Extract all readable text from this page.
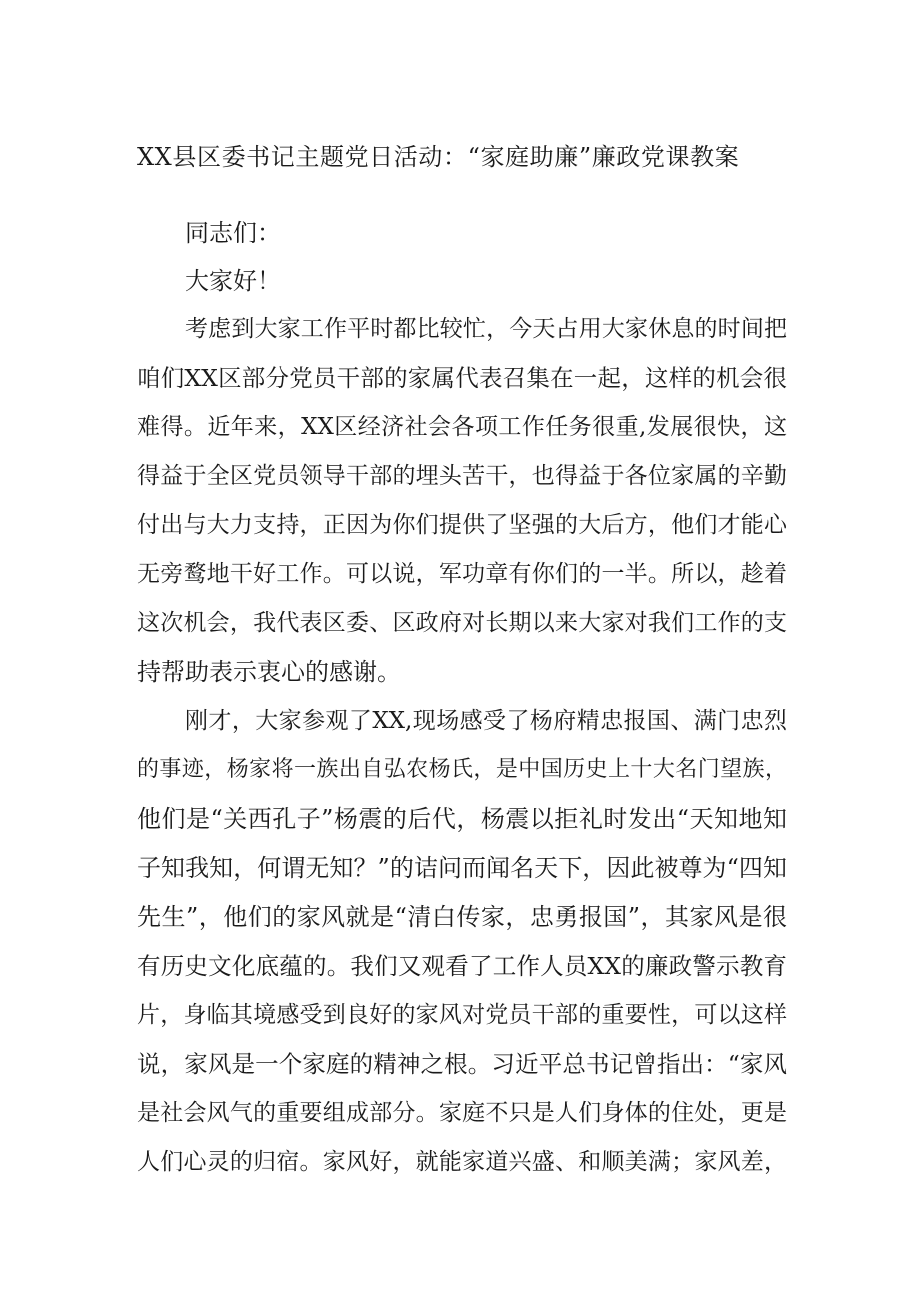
XX县区委书记主题党日活动：“家庭助廉”廉政党课教案
同志们：
大家好！
考虑到大家工作平时都比较忙，今天占用大家休息的时间把
咱们XX区部分党员干部的家属代表召集在一起，这样的机会很
难得。近年来，XX区经济社会各项工作任务很重,发展很快，这
得益于全区党员领导干部的埋头苦干，也得益于各位家属的辛勤
付出与大力支持，正因为你们提供了坚强的大后方，他们才能心
无旁鹜地干好工作。可以说，军功章有你们的一半。所以，趁着
这次机会，我代表区委、区政府对长期以来大家对我们工作的支
持帮助表示衷心的感谢。
刚才，大家参观了XX,现场感受了杨府精忠报国、满门忠烈
的事迹，杨家将一族出自弘农杨氏，是中国历史上十大名门望族，
他们是“关西孔子”杨震的后代，杨震以拒礼时发出“天知地知
子知我知，何谓无知？”的诘问而闻名天下，因此被尊为“四知
先生”，他们的家风就是“清白传家，忠勇报国”，其家风是很
有历史文化底蕴的。我们又观看了工作人员XX的廉政警示教育
片，身临其境感受到良好的家风对党员干部的重要性，可以这样
说，家风是一个家庭的精神之根。习近平总书记曾指出：“家风
是社会风气的重要组成部分。家庭不只是人们身体的住处，更是
人们心灵的归宿。家风好，就能家道兴盛、和顺美满；家风差，
